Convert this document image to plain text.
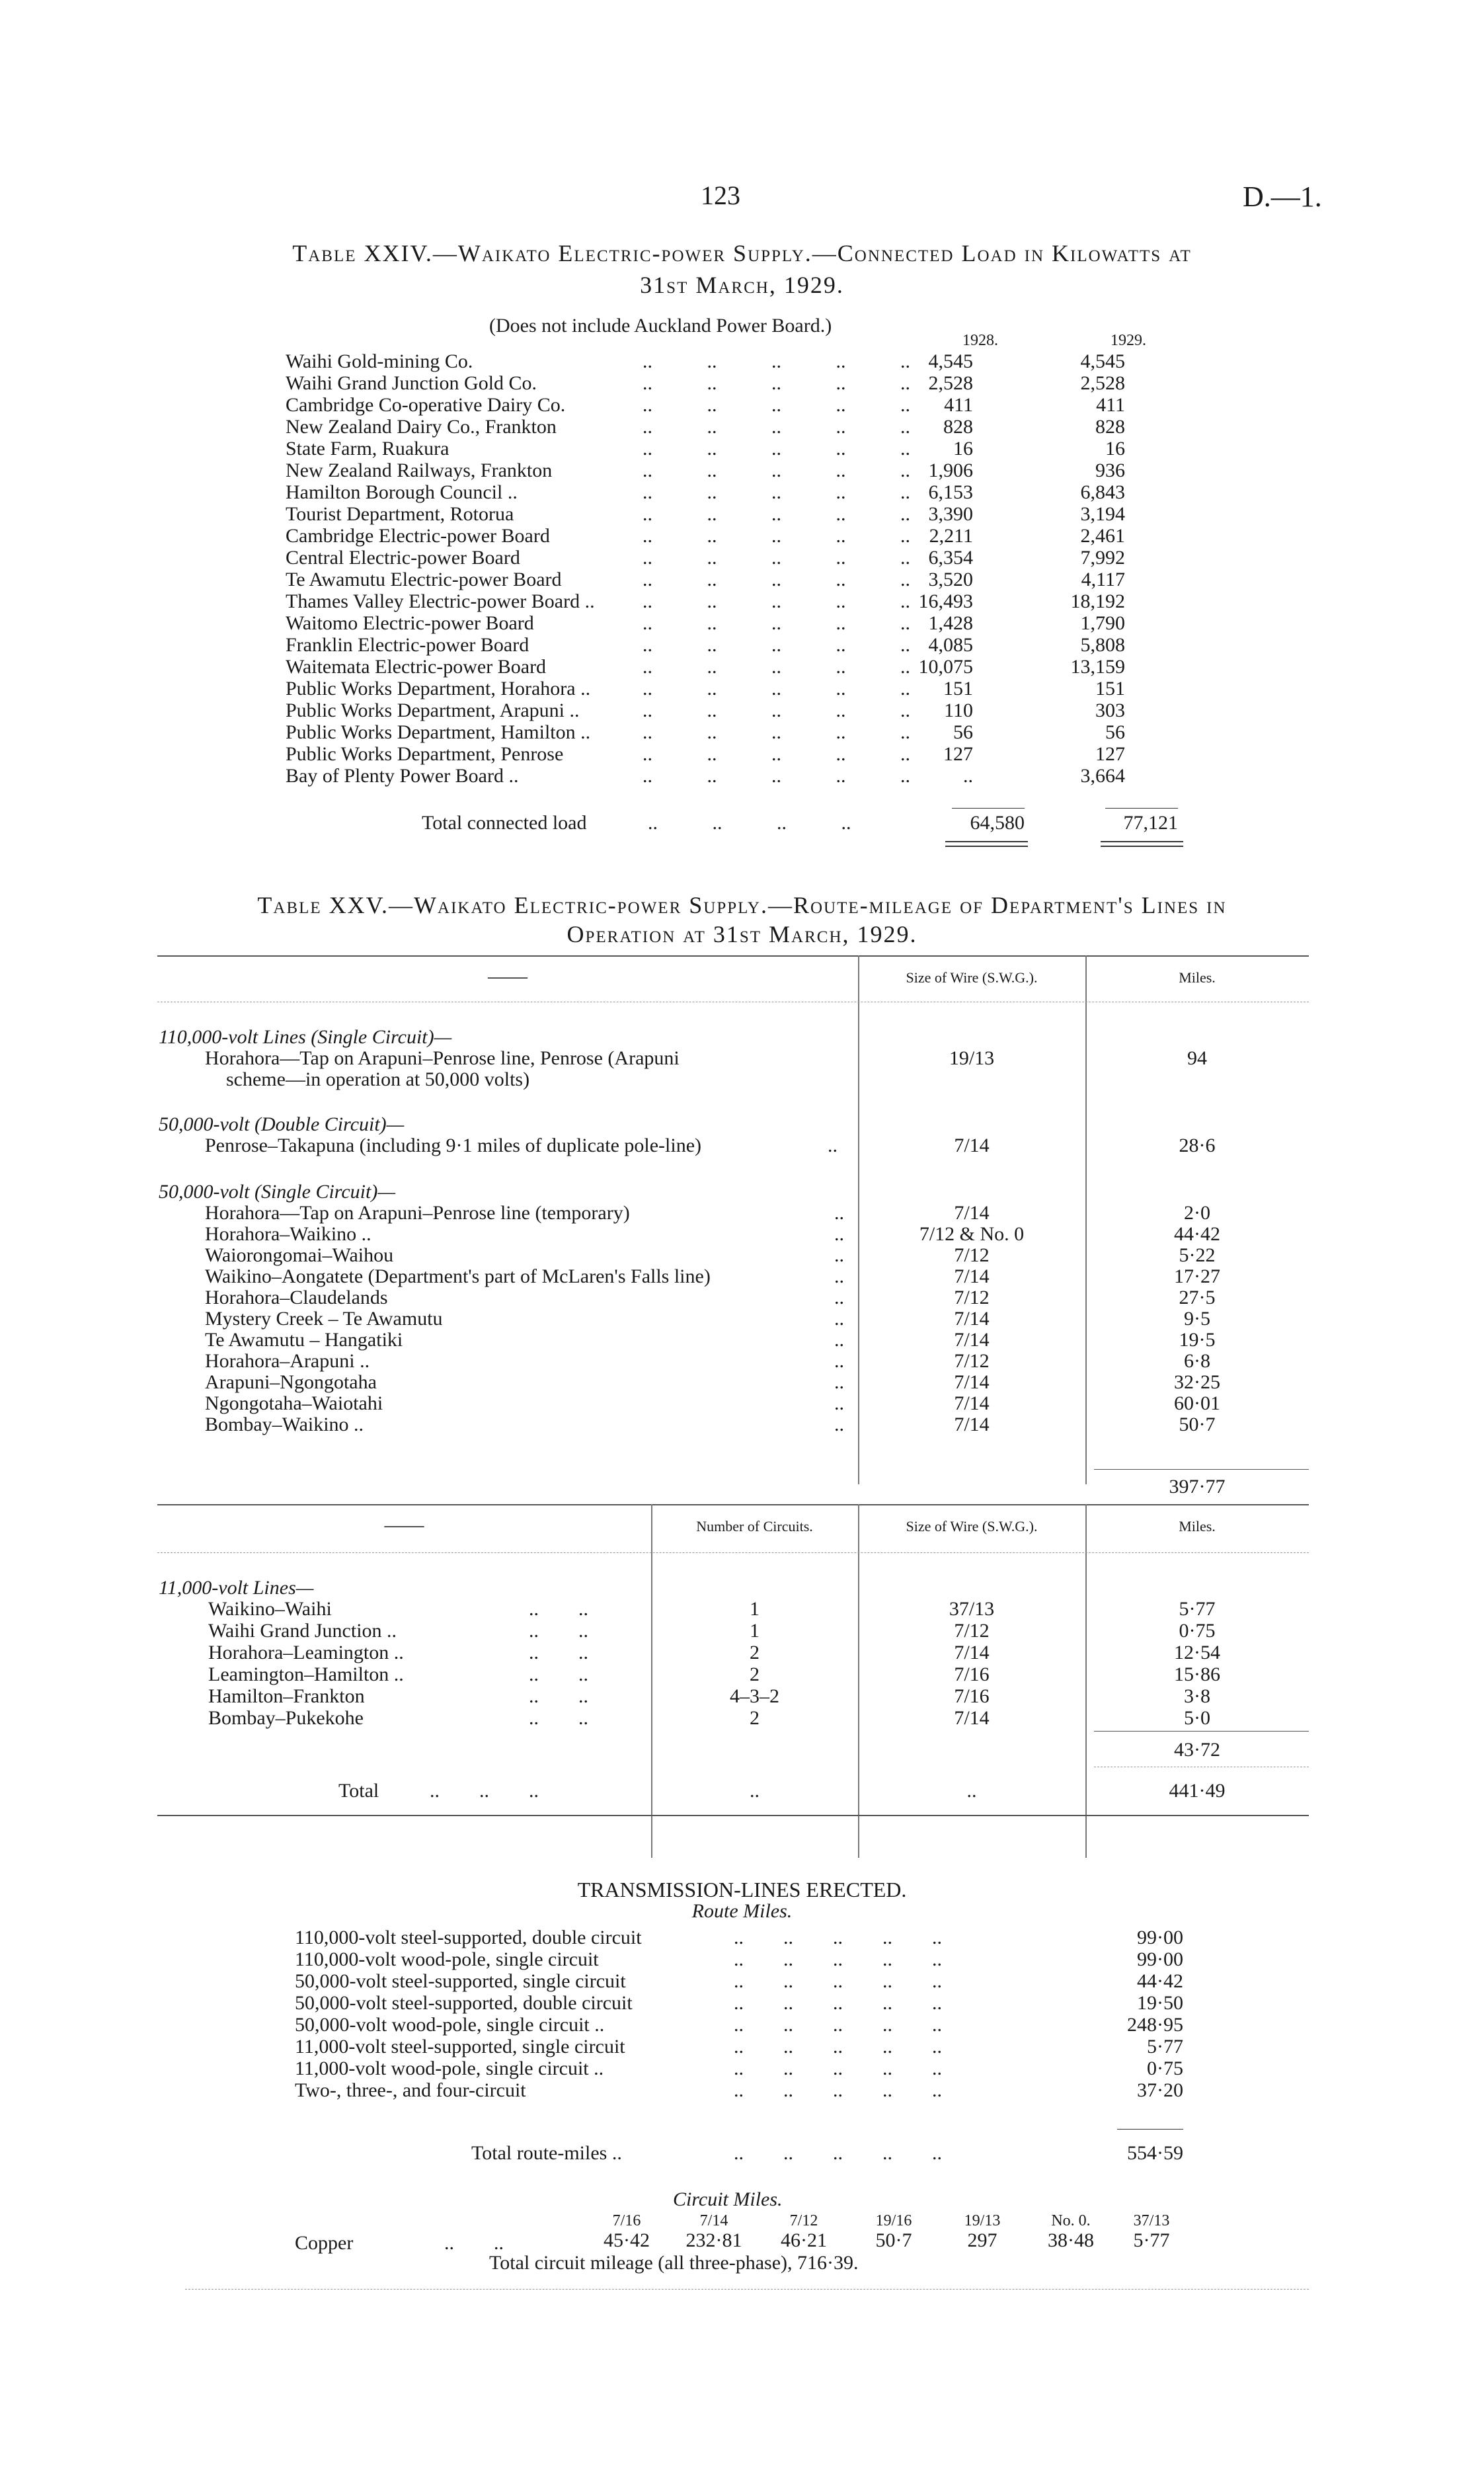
123	D.—1.
Table XXIV.—Waikato Electric-power Supply.—Connected Load in Kilowatts at
31st March, 1929.
(Does not include Auckland Power Board.)
1928.	1929.
Waihi Gold-mining Co.	..           ..           ..           ..           .. 4,545	4,545
Waihi Grand Junction Gold Co.	..           ..           ..           ..           .. 2,528	2,528
Cambridge Co-operative Dairy Co.	..           ..           ..           ..           ..	411	411
New Zealand Dairy Co., Frankton	..           ..           ..           ..           ..	828	828
State Farm, Ruakura	..           ..           ..           ..           ..	16	16
New Zealand Railways, Frankton	..           ..           ..           ..           .. 1,906	936
Hamilton Borough Council ..	..           ..           ..           ..           .. 6,153	6,843
Tourist Department, Rotorua	..           ..           ..           ..           .. 3,390	3,194
Cambridge Electric-power Board	..           ..           ..           ..           .. 2,211	2,461
Central Electric-power Board	..           ..           ..           ..           .. 6,354	7,992
Te Awamutu Electric-power Board	..           ..           ..           ..           .. 3,520	4,117
Thames Valley Electric-power Board .. ..           ..           ..           ..           .. 16,493	18,192
Waitomo Electric-power Board	..           ..           ..           ..           .. 1,428	1,790
Franklin Electric-power Board	..           ..           ..           ..           .. 4,085	5,808
Waitemata Electric-power Board	..           ..           ..           ..           .. 10,075	13,159
Public Works Department, Horahora ..	..           ..           ..           ..           ..	151	151
Public Works Department, Arapuni ..	..           ..           ..           ..           ..	110	303
Public Works Department, Hamilton ..	..           ..           ..           ..           ..	56	56
Public Works Department, Penrose	..           ..           ..           ..           ..	127	127
Bay of Plenty Power Board ..	..           ..           ..           ..           ..	..	3,664
Total connected load	..           ..           ..           ..	64,580	77,121
Table XXV.—Waikato Electric-power Supply.—Route-mileage of Department's Lines in
Operation at 31st March, 1929.
——	Size of Wire (S.W.G.).	Miles.
110,000-volt Lines (Single Circuit)—
Horahora—Tap on Arapuni–Penrose line, Penrose (Arapuni
scheme—in operation at 50,000 volts)
19/13	94
50,000-volt (Double Circuit)—
Penrose–Takapuna (including 9·1 miles of duplicate pole-line)	..	7/14	28·6
50,000-volt (Single Circuit)—
Horahora—Tap on Arapuni–Penrose line (temporary)	..	7/14	2·0
Horahora–Waikino ..	..	7/12 & No. 0	44·42
Waiorongomai–Waihou	..	7/12	5·22
Waikino–Aongatete (Department's part of McLaren's Falls line)	..	7/14	17·27
Horahora–Claudelands	..	7/12	27·5
Mystery Creek – Te Awamutu	..	7/14	9·5
Te Awamutu – Hangatiki	..	7/14	19·5
Horahora–Arapuni ..	..	7/12	6·8
Arapuni–Ngongotaha	..	7/14	32·25
Ngongotaha–Waiotahi	..	7/14	60·01
Bombay–Waikino ..	..	7/14	50·7
397·77
——	Number of Circuits.	Size of Wire (S.W.G.).	Miles.
11,000-volt Lines—
Waikino–Waihi	..        ..	1	37/13	5·77
Waihi Grand Junction ..	..        ..	1	7/12	0·75
Horahora–Leamington ..	..        ..	2	7/14	12·54
Leamington–Hamilton ..	..        ..	2	7/16	15·86
Hamilton–Frankton	..        ..	4–3–2	7/16	3·8
Bombay–Pukekohe	..        ..	2	7/14	5·0
43·72
Total	..        ..        ..	..	..	441·49
TRANSMISSION-LINES ERECTED.
Route Miles.
110,000-volt steel-supported, double circuit	..        ..        ..        ..        ..	99·00
110,000-volt wood-pole, single circuit	..        ..        ..        ..        ..	99·00
50,000-volt steel-supported, single circuit	..        ..        ..        ..        ..	44·42
50,000-volt steel-supported, double circuit	..        ..        ..        ..        ..	19·50
50,000-volt wood-pole, single circuit ..	..        ..        ..        ..        ..	248·95
11,000-volt steel-supported, single circuit	..        ..        ..        ..        ..	5·77
11,000-volt wood-pole, single circuit ..	..        ..        ..        ..        ..	0·75
Two-, three-, and four-circuit	..        ..        ..        ..        ..	37·20
Total route-miles ..	..        ..        ..        ..        ..	554·59
Circuit Miles.
7/16	7/14	7/12	19/16	19/13	No. 0.	37/13
Copper	..        ..	45·42	232·81	46·21	50·7	297	38·48	5·77
Total circuit mileage (all three-phase), 716·39.
